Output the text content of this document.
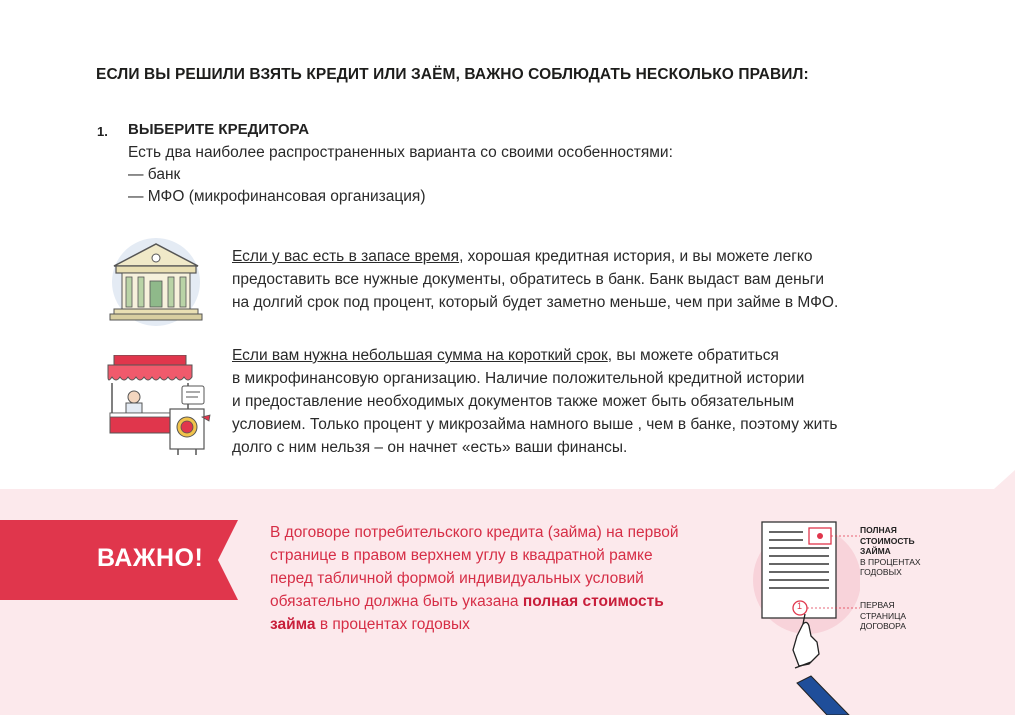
ЕСЛИ ВЫ РЕШИЛИ ВЗЯТЬ КРЕДИТ ИЛИ ЗАЁМ, ВАЖНО СОБЛЮДАТЬ НЕСКОЛЬКО ПРАВИЛ:
1. ВЫБЕРИТЕ КРЕДИТОРА
Есть два наиболее распространенных варианта со своими особенностями:
— банк
— МФО (микрофинансовая организация)
Если у вас есть в запасе время, хорошая кредитная история, и вы можете легко
предоставить все нужные документы, обратитесь в банк. Банк выдаст вам деньги
на долгий срок под процент, который будет заметно меньше, чем при займе в МФО.
Если вам нужна небольшая сумма на короткий срок, вы можете обратиться
в микрофинансовую организацию. Наличие положительной кредитной истории
и предоставление необходимых документов также может быть обязательным
условием. Только процент у микрозайма намного выше , чем в банке, поэтому жить
долго с ним нельзя – он начнет «есть» ваши финансы.
ВАЖНО!
В договоре потребительского кредита (займа) на первой
странице в правом верхнем углу в квадратной рамке
перед табличной формой индивидуальных условий
обязательно должна быть указана полная стоимость
займа в процентах годовых
1
ПОЛНАЯ
СТОИМОСТЬ
ЗАЙМА
В ПРОЦЕНТАХ
ГОДОВЫХ
ПЕРВАЯ
СТРАНИЦА
ДОГОВОРА
